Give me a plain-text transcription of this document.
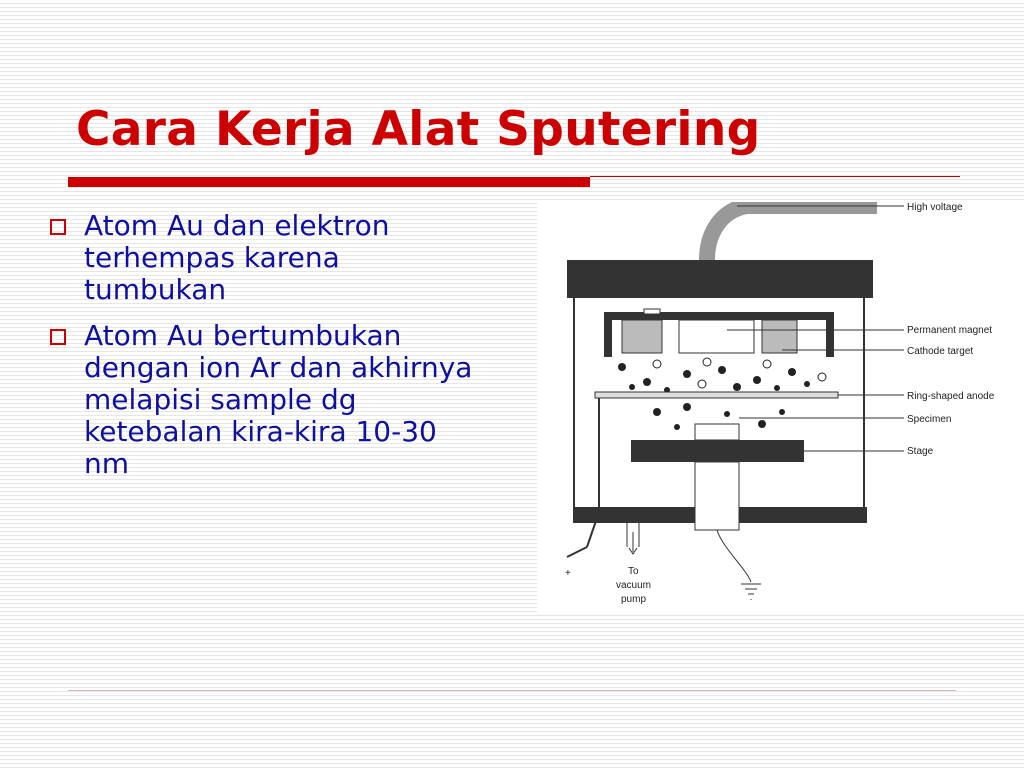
Cara Kerja Alat Sputering
Atom Au dan elektron terhempas karena tumbukan
Atom Au bertumbukan dengan ion Ar dan akhirnya melapisi sample dg ketebalan kira-kira 10-30 nm
High voltage
Permanent magnet
Cathode target
Ring-shaped anode
Specimen
Stage
+	To
vacuum
pump
